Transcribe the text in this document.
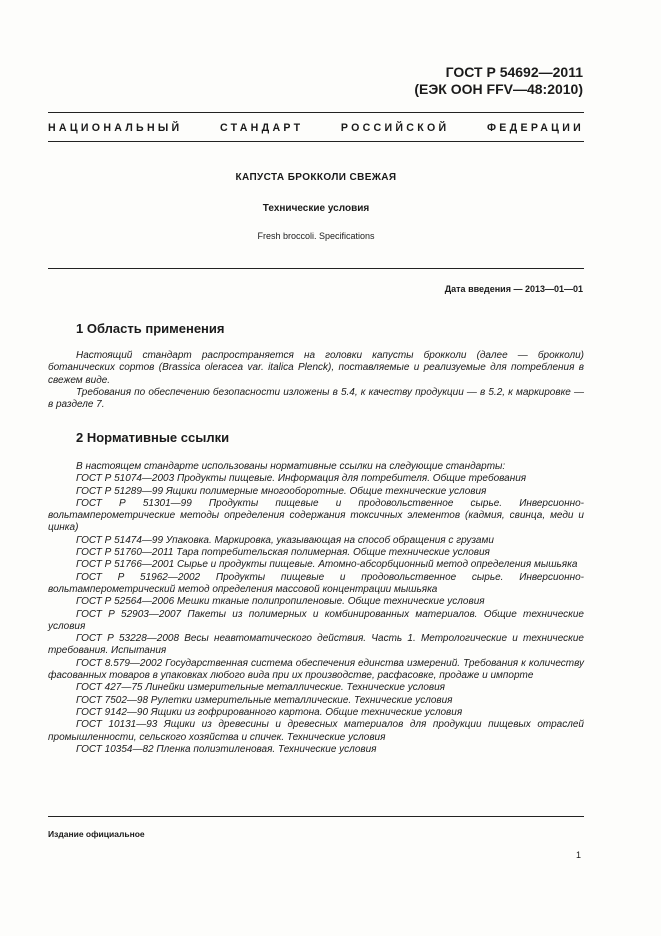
ГОСТ Р 54692—2011
(ЕЭК ООН FFV—48:2010)
НАЦИОНАЛЬНЫЙ СТАНДАРТ РОССИЙСКОЙ ФЕДЕРАЦИИ
КАПУСТА БРОККОЛИ СВЕЖАЯ
Технические условия
Fresh broccoli. Specifications
Дата введения — 2013—01—01
1 Область применения

Настоящий стандарт распространяется на головки капусты брокколи (далее — брокколи) ботанических сортов (Brassica oleracea var. italica Plenck), поставляемые и реализуемые для потребления в свежем виде.

Требования по обеспечению безопасности изложены в 5.4, к качеству продукции — в 5.2, к маркировке — в разделе 7.

2 Нормативные ссылки

В настоящем стандарте использованы нормативные ссылки на следующие стандарты:

ГОСТ Р 51074—2003 Продукты пищевые. Информация для потребителя. Общие требования

ГОСТ Р 51289—99 Ящики полимерные многооборотные. Общие технические условия

ГОСТ Р 51301—99 Продукты пищевые и продовольственное сырье. Инверсионно-вольтамперометрические методы определения содержания токсичных элементов (кадмия, свинца, меди и цинка)

ГОСТ Р 51474—99 Упаковка. Маркировка, указывающая на способ обращения с грузами

ГОСТ Р 51760—2011 Тара потребительская полимерная. Общие технические условия

ГОСТ Р 51766—2001 Сырье и продукты пищевые. Атомно-абсорбционный метод определения мышьяка

ГОСТ Р 51962—2002 Продукты пищевые и продовольственное сырье. Инверсионно-вольтамперометрический метод определения массовой концентрации мышьяка

ГОСТ Р 52564—2006 Мешки тканые полипропиленовые. Общие технические условия

ГОСТ Р 52903—2007 Пакеты из полимерных и комбинированных материалов. Общие технические условия

ГОСТ Р 53228—2008 Весы неавтоматического действия. Часть 1. Метрологические и технические требования. Испытания

ГОСТ 8.579—2002 Государственная система обеспечения единства измерений. Требования к количеству фасованных товаров в упаковках любого вида при их производстве, расфасовке, продаже и импорте

ГОСТ 427—75 Линейки измерительные металлические. Технические условия

ГОСТ 7502—98 Рулетки измерительные металлические. Технические условия

ГОСТ 9142—90 Ящики из гофрированного картона. Общие технические условия

ГОСТ 10131—93 Ящики из древесины и древесных материалов для продукции пищевых отраслей промышленности, сельского хозяйства и спичек. Технические условия

ГОСТ 10354—82 Пленка полиэтиленовая. Технические условия

Издание официальное
1
